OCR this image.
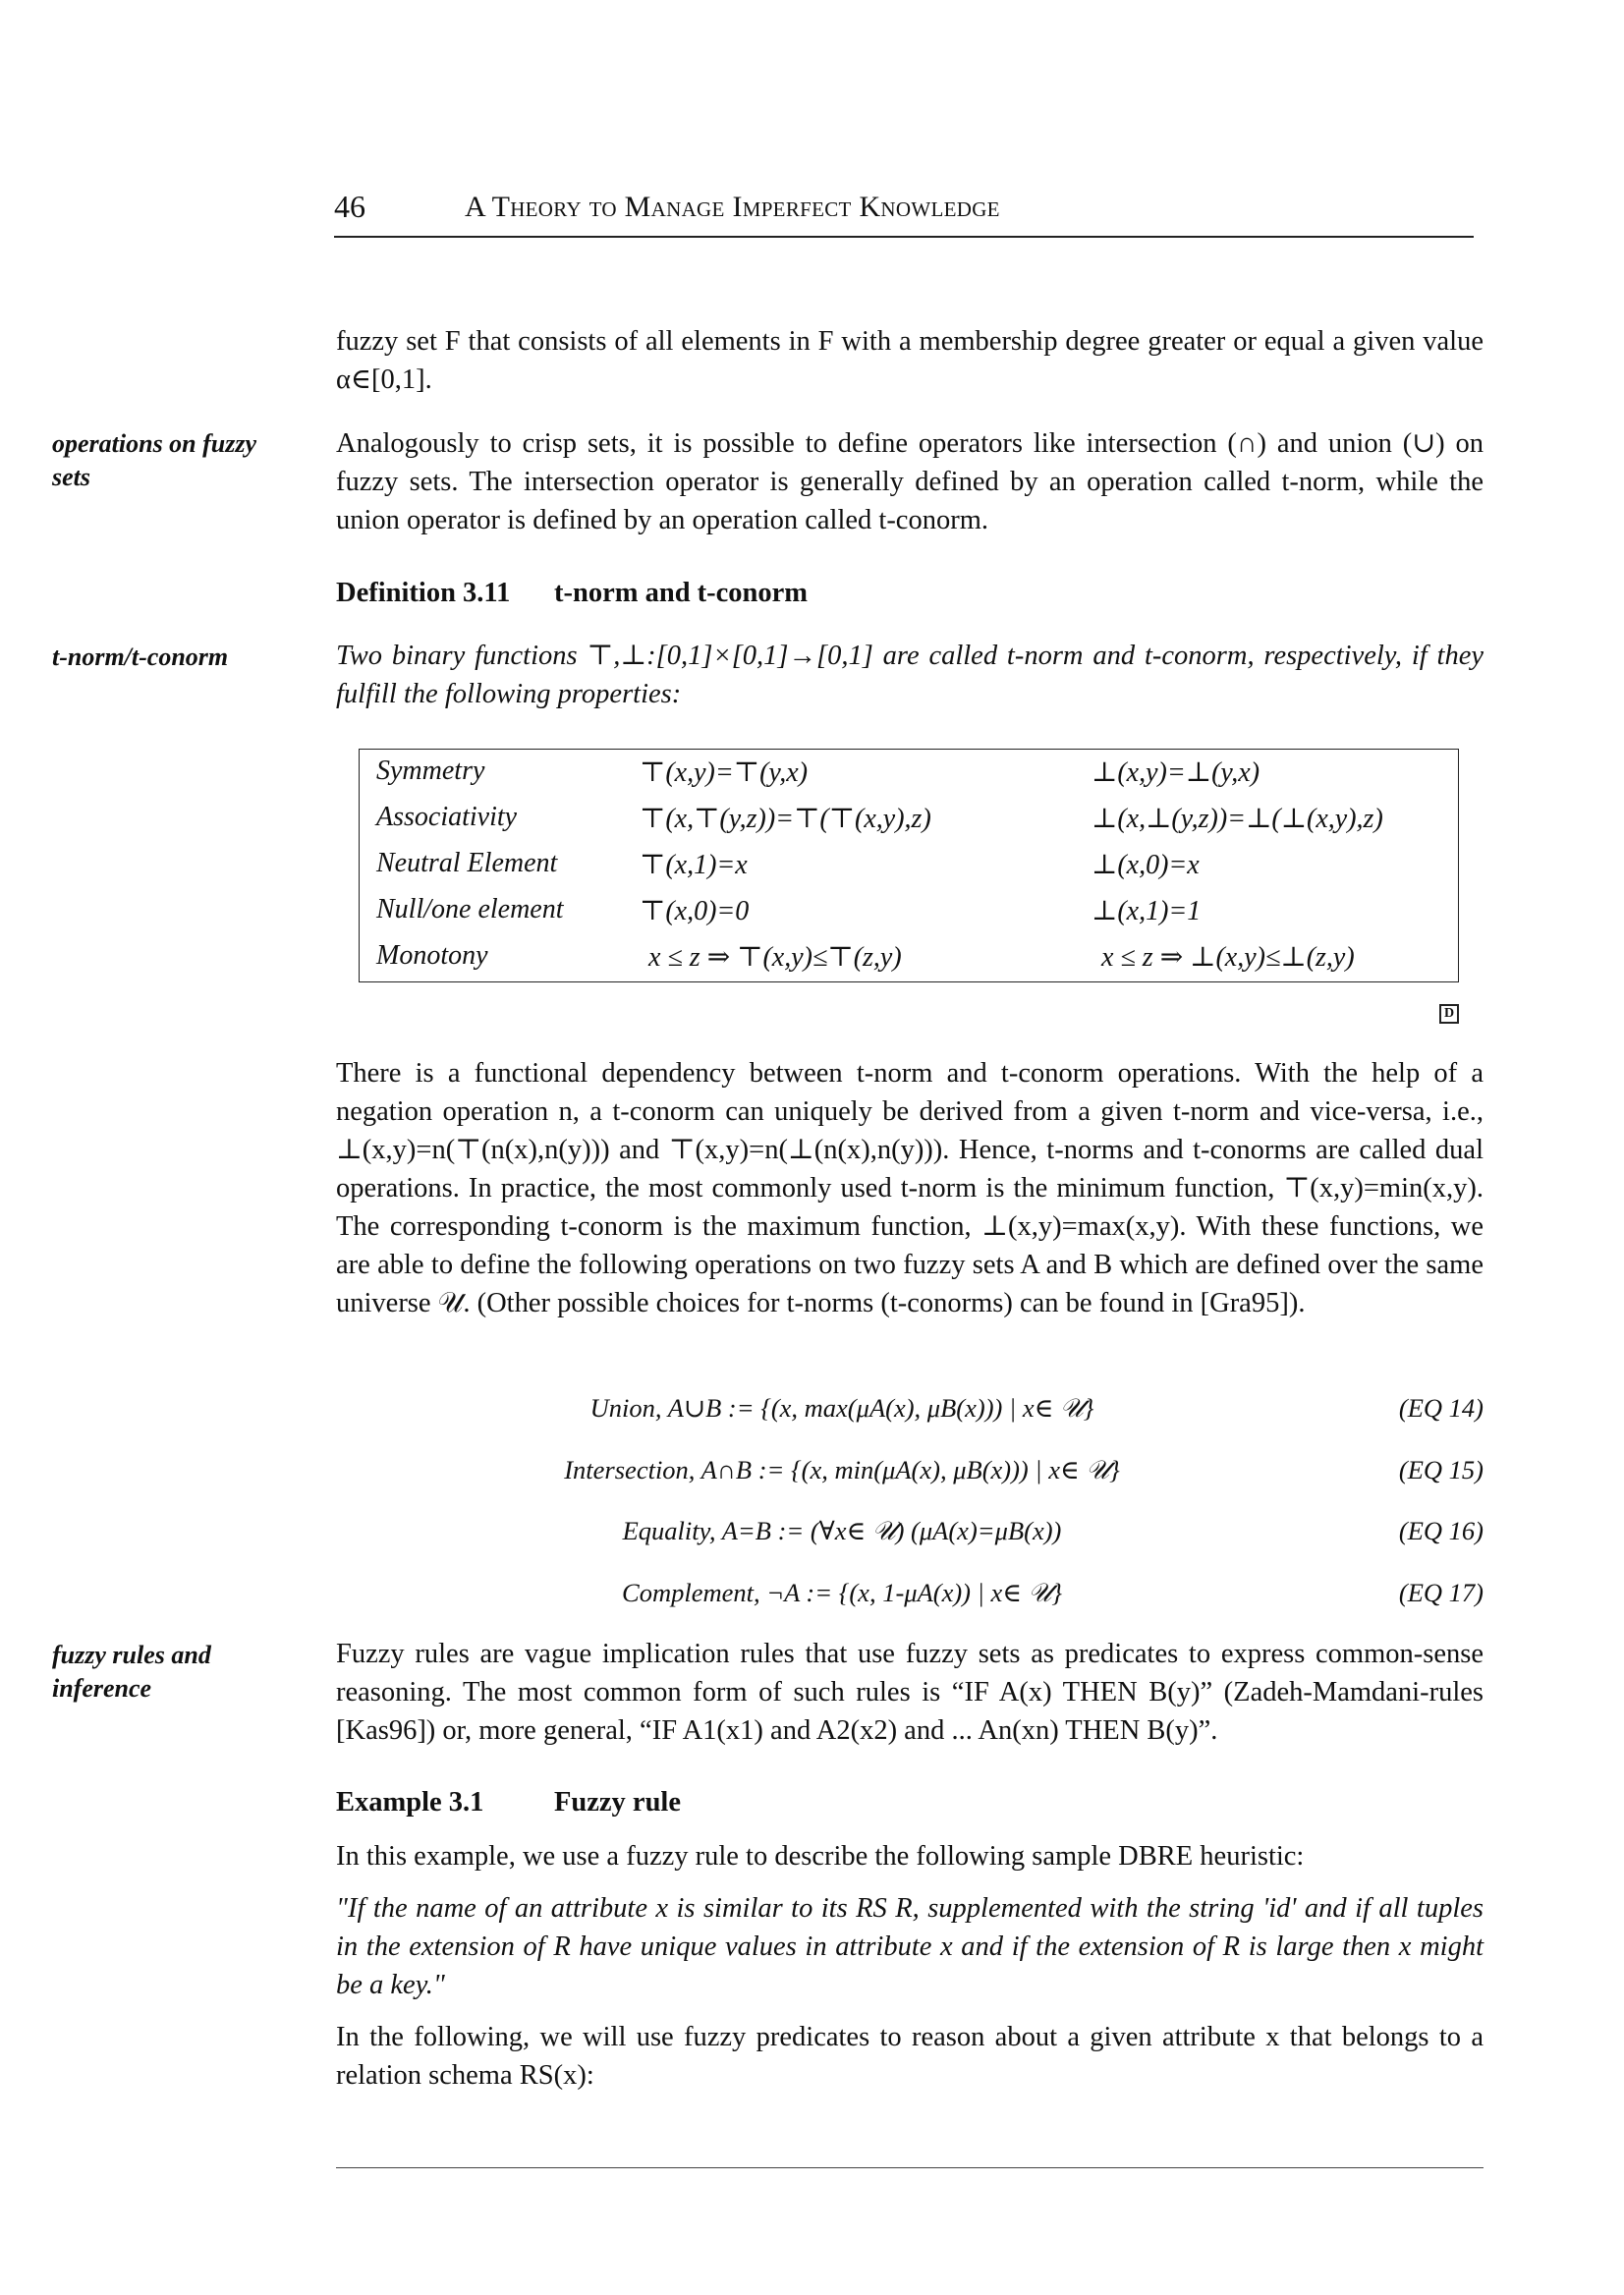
46	A Theory to Manage Imperfect Knowledge
fuzzy set F that consists of all elements in F with a membership degree greater or equal a given value α∈[0,1].
operations on fuzzy sets
Analogously to crisp sets, it is possible to define operators like intersection (∩) and union (∪) on fuzzy sets. The intersection operator is generally defined by an operation called t-norm, while the union operator is defined by an operation called t-conorm.
Definition 3.11 t-norm and t-conorm
t-norm/t-conorm	Two binary functions ⊤,⊥:[0,1]×[0,1]→[0,1] are called t-norm and t-conorm, respectively, if they fulfill the following properties:
Symmetry	⊤(x,y)=⊤(y,x)	⊥(x,y)=⊥(y,x)
Associativity	⊤(x,⊤(y,z))=⊤(⊤(x,y),z)	⊥(x,⊥(y,z))=⊥(⊥(x,y),z)
Neutral Element	⊤(x,1)=x	⊥(x,0)=x
Null/one element	⊤(x,0)=0	⊥(x,1)=1
Monotony	x ≤ z ⇒ ⊤(x,y)≤⊤(z,y)	x ≤ z ⇒ ⊥(x,y)≤⊥(z,y)
D
There is a functional dependency between t-norm and t-conorm operations. With the help of a negation operation n, a t-conorm can uniquely be derived from a given t-norm and vice-versa, i.e., ⊥(x,y)=n(⊤(n(x),n(y))) and ⊤(x,y)=n(⊥(n(x),n(y))). Hence, t-norms and t-conorms are called dual operations. In practice, the most commonly used t-norm is the minimum function, ⊤(x,y)=min(x,y). The corresponding t-conorm is the maximum function, ⊥(x,y)=max(x,y). With these functions, we are able to define the following operations on two fuzzy sets A and B which are defined over the same universe 𝒰. (Other possible choices for t-norms (t-conorms) can be found in [Gra95]).
Union, A∪B := {(x, max(μA(x), μB(x))) | x∈ 𝒰}	(EQ 14)
Intersection, A∩B := {(x, min(μA(x), μB(x))) | x∈ 𝒰}	(EQ 15)
Equality, A=B := (∀x∈ 𝒰) (μA(x)=μB(x))	(EQ 16)
Complement, ¬A := {(x, 1-μA(x)) | x∈ 𝒰}	(EQ 17)
fuzzy rules and inference
Fuzzy rules are vague implication rules that use fuzzy sets as predicates to express common-sense reasoning. The most common form of such rules is “IF A(x) THEN B(y)” (Zadeh-Mamdani-rules [Kas96]) or, more general, “IF A1(x1) and A2(x2) and ... An(xn) THEN B(y)”.
Example 3.1	Fuzzy rule
In this example, we use a fuzzy rule to describe the following sample DBRE heuristic:
"If the name of an attribute x is similar to its RS R, supplemented with the string 'id' and if all tuples in the extension of R have unique values in attribute x and if the extension of R is large then x might be a key."
In the following, we will use fuzzy predicates to reason about a given attribute x that belongs to a relation schema RS(x):
